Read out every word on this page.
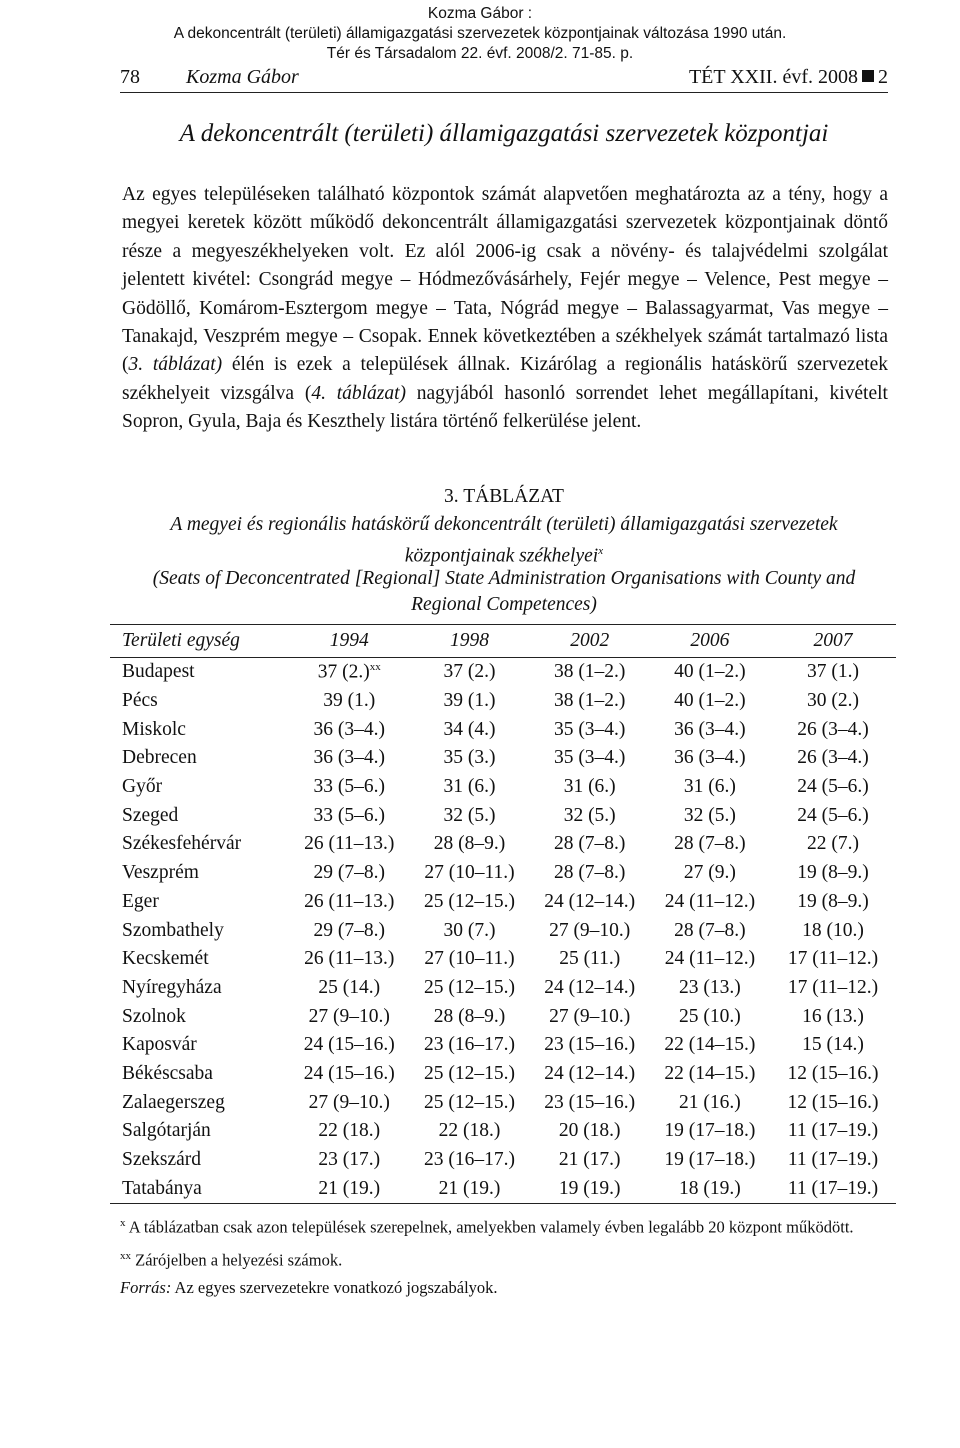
Kozma Gábor :
A dekoncentrált (területi) államigazgatási szervezetek központjainak változása 1990 után.
Tér és Társadalom 22. évf. 2008/2. 71-85. p.
78 Kozma Gábor	TÉT XXII. évf. 2008 2
A dekoncentrált (területi) államigazgatási szervezetek központjai

Az egyes településeken található központok számát alapvetően meghatározta az a tény, hogy a megyei keretek között működő dekoncentrált államigazgatási szervezetek központjainak döntő része a megyeszékhelyeken volt. Ez alól 2006-ig csak a növény- és talajvédelmi szolgálat jelentett kivétel: Csongrád megye – Hódmezővásárhely, Fejér megye – Velence, Pest megye – Gödöllő, Komárom-Esztergom megye – Tata, Nógrád megye – Balassagyarmat, Vas megye – Tanakajd, Veszprém megye – Csopak. Ennek következtében a székhelyek számát tartalmazó lista (3. táblázat) élén is ezek a települések állnak. Kizárólag a regionális hatáskörű szervezetek székhelyeit vizsgálva (4. táblázat) nagyjából hasonló sorrendet lehet megállapítani, kivételt Sopron, Gyula, Baja és Keszthely listára történő felkerülése jelent.

3. TÁBLÁZAT
A megyei és regionális hatáskörű dekoncentrált (területi) államigazgatási szervezetek központjainak székhelyei$^x$
(Seats of Deconcentrated [Regional] State Administration Organisations with County and Regional Competences)
Területi egység	1994	1998	2002	2006	2007
Budapest	37 $(2.)^{xx}$	37 (2.)	38 (1–2.)	40 (1–2.)	37 (1.)
Pécs	39 (1.)	39 (1.)	38 (1–2.)	40 (1–2.)	30 (2.)
Miskolc	36 (3–4.)	34 (4.)	35 (3–4.)	36 (3–4.)	26 (3–4.)
Debrecen	36 (3–4.)	35 (3.)	35 (3–4.)	36 (3–4.)	26 (3–4.)
Győr	33 (5–6.)	31 (6.)	31 (6.)	31 (6.)	24 (5–6.)
Szeged	33 (5–6.)	32 (5.)	32 (5.)	32 (5.)	24 (5–6.)
Székesfehérvár	26 (11–13.)	28 (8–9.)	28 (7–8.)	28 (7–8.)	22 (7.)
Veszprém	29 (7–8.)	27 (10–11.)	28 (7–8.)	27 (9.)	19 (8–9.)
Eger	26 (11–13.)	25 (12–15.)	24 (12–14.)	24 (11–12.)	19 (8–9.)
Szombathely	29 (7–8.)	30 (7.)	27 (9–10.)	28 (7–8.)	18 (10.)
Kecskemét	26 (11–13.)	27 (10–11.)	25 (11.)	24 (11–12.)	17 (11–12.)
Nyíregyháza	25 (14.)	25 (12–15.)	24 (12–14.)	23 (13.)	17 (11–12.)
Szolnok	27 (9–10.)	28 (8–9.)	27 (9–10.)	25 (10.)	16 (13.)
Kaposvár	24 (15–16.)	23 (16–17.)	23 (15–16.)	22 (14–15.)	15 (14.)
Békéscsaba	24 (15–16.)	25 (12–15.)	24 (12–14.)	22 (14–15.)	12 (15–16.)
Zalaegerszeg	27 (9–10.)	25 (12–15.)	23 (15–16.)	21 (16.)	12 (15–16.)
Salgótarján	22 (18.)	22 (18.)	20 (18.)	19 (17–18.)	11 (17–19.)
Szekszárd	23 (17.)	23 (16–17.)	21 (17.)	19 (17–18.)	11 (17–19.)
Tatabánya	21 (19.)	21 (19.)	19 (19.)	18 (19.)	11 (17–19.)

$^x$ A táblázatban csak azon települések szerepelnek, amelyekben valamely évben legalább 20 központ működött.

$^{xx}$ Zárójelben a helyezési számok.

Forrás: Az egyes szervezetekre vonatkozó jogszabályok.
